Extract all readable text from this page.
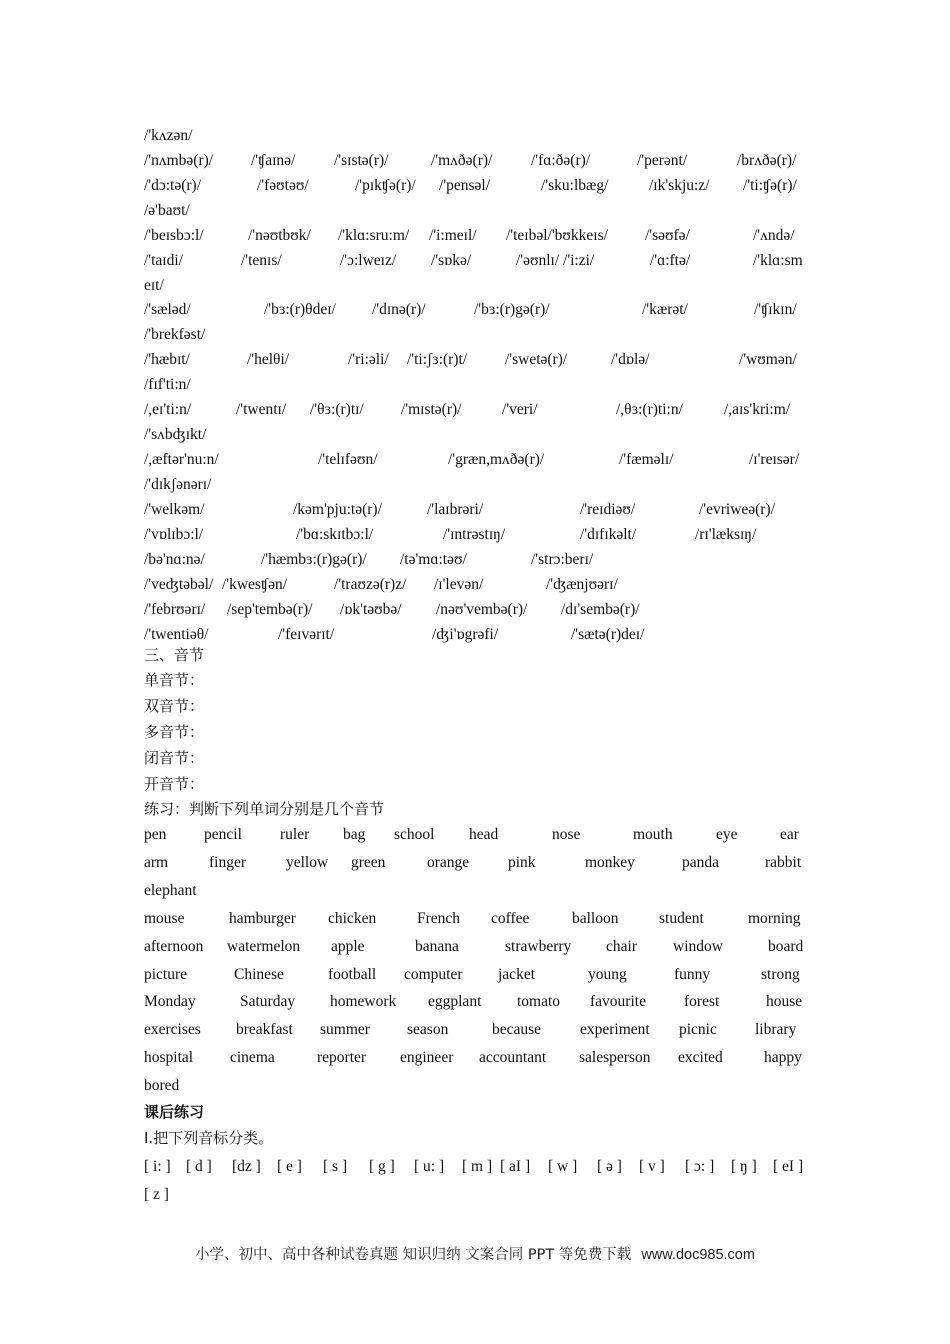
/'kʌzən/
/'nʌmbə(r)/ /'ʧaɪnə/ /'sɪstə(r)/	/'mʌðə(r)/ /'fɑ:ðə(r)/	/'perənt/	/brʌðə(r)/
/'dɔ:tə(r)/	/'fəʊtəʊ/	/'pɪkʧə(r)/ /'pensəl/	/'sku:lbæg/	/ɪk'skju:z/ /'ti:ʧə(r)/
/ə'baʊt/
/'beɪsbɔ:l/	/'nəʊtbʊk/ /'klɑ:sru:m/ /'i:meɪl/ /'teɪbəl/'bʊkkeɪs/ /'səʊfə/	/'ʌndə/
/'taɪdi/	/'tenɪs/	/'ɔ:lweɪz/ /'sɒkə/	/'əʊnlɪ/ /'i:zi/	/'ɑ:ftə/	/'klɑ:sm
eɪt/
/'sæləd/	/'bɜ:(r)θdeɪ/ /'dɪnə(r)/	/'bɜ:(r)gə(r)/	/'kærət/	/'ʧɪkɪn/
/'brekfəst/
/'hæbɪt/	/'helθi/	/'ri:əli/ /'ti:ʃɜ:(r)t/ /'swetə(r)/	/'dɒlə/	/'wʊmən/
/fɪf'ti:n/
/,eɪ'ti:n/	/'twentɪ/ /'θɜ:(r)tɪ/ /'mɪstə(r)/	/'veri/	/,θɜ:(r)ti:n/	/,aɪs'kri:m/
/'sʌbʤɪkt/
/,æftər'nu:n/	/'telɪfəʊn/	/'græn,mʌðə(r)/	/'fæməlɪ/	/ɪ'reɪsər/
/'dɪkʃənərɪ/
/'welkəm/	/kəm'pju:tə(r)/	/'laɪbrəri/	/'reɪdiəʊ/	/'evriweə(r)/
/'vɒlɪbɔ:l/	/'bɑ:skɪtbɔ:l/	/'ɪntrəstɪŋ/	/'dɪfɪkəlt/	/rɪ'læksɪŋ/
/bə'nɑ:nə/	/'hæmbɜ:(r)gə(r)/ /tə'mɑ:təʊ/	/'strɔ:berɪ/
/'veʤtəbəl/ /'kwesʧən/	/'traʊzə(r)z/ /ɪ'levən/	/'ʤænjʊərɪ/
/'febrʊərɪ/ /sep'tembə(r)/ /ɒk'təʊbə/ /nəʊ'vembə(r)/ /dɪ'sembə(r)/
/'twentiəθ/	/'feɪvərɪt/	/ʤi'ɒgrəfi/	/'sætə(r)deɪ/
三、音节
单音节：
双音节：
多音节：
闭音节：
开音节：
练习：判断下列单词分别是几个音节
pen pencil ruler bag school head	nose	mouth	eye	ear
arm	finger	yellow green	orange	pink	monkey	panda	rabbit
elephant
mouse	hamburger chicken	French coffee	balloon	student	morning
afternoon watermelon apple	banana	strawberry chair window	board
picture	Chinese	football computer jacket	young	funny	strong
Monday	Saturday homework eggplant tomato favourite forest	house
exercises breakfast summer season	because	experiment picnic library
hospital cinema	reporter engineer accountant salesperson excited	happy
bored
课后练习
I.把下列音标分类。
[ i: ] [ d ] [dz ] [ e ] [ s ] [ g ] [ u: ] [ m ] [ aI ] [ w ] [ ə ] [ v ] [ ɔ: ] [ ŋ ] [ eI ]
[ z ]
小学、初中、高中各种试卷真题 知识归纳 文案合同 PPT 等免费下载 www.doc985.com
